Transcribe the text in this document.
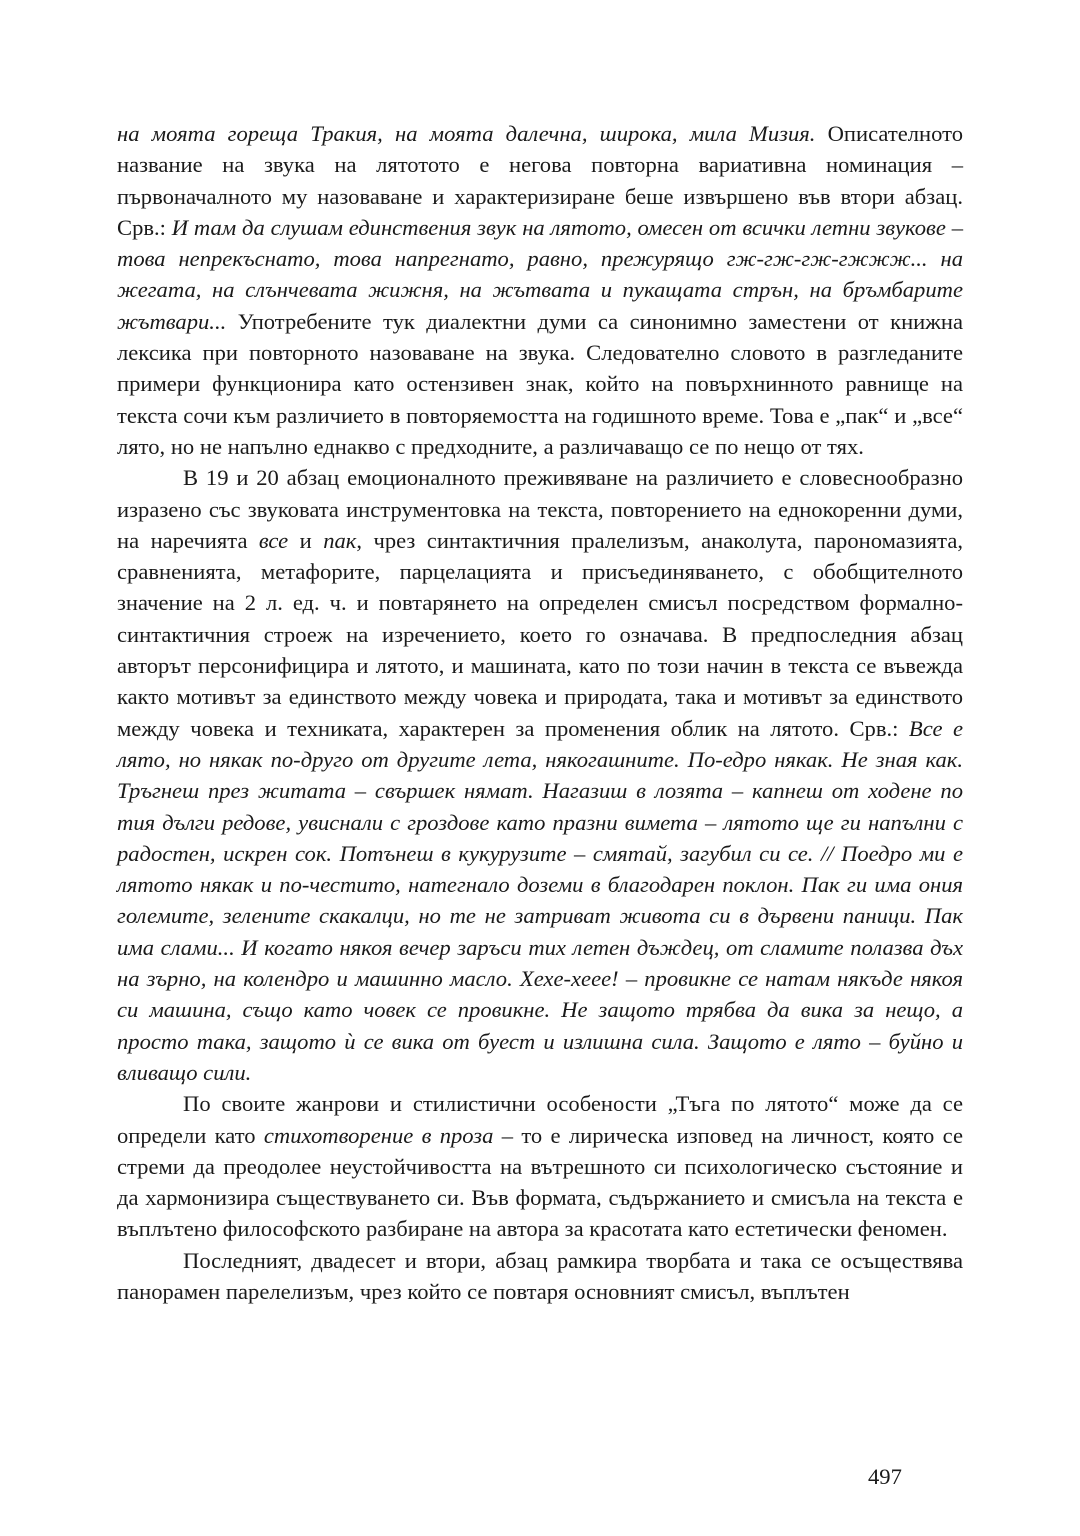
на моята гореща Тракия, на моята далечна, широка, мила Мизия. Описателното название на звука на лятотото е негова повторна вариативна номинация – първоначалното му назоваване и характеризиране беше извършено във втори абзац. Срв.: И там да слушам единствения звук на лятото, омесен от всички летни звукове – това непрекъснато, това напрегнато, равно, прежурящо гж-гж-гж-гжжж... на жегата, на слънчевата жижня, на жътвата и пукащата стрън, на бръмбарите жътвари... Употребените тук диалектни думи са синонимно заместени от книжна лексика при повторното назоваване на звука. Следователно словото в разгледаните примери функционира като остензивен знак, който на повърхнинното равнище на текста сочи към различието в повторяемостта на годишното време. Това е „пак“ и „все“ лято, но не напълно еднакво с предходните, а различаващо се по нещо от тях.

В 19 и 20 абзац емоционалното преживяване на различието е словеснообразно изразено със звуковата инструментовка на текста, повторението на еднокоренни думи, на наречията все и пак, чрез синтактичния пралелизъм, анаколута, парономазията, сравненията, метафорите, парцелацията и присъединяването, с обобщителното значение на 2 л. ед. ч. и повтарянето на определен смисъл посредством формално-синтактичния строеж на изречението, което го означава. В предпоследния абзац авторът персонифицира и лятото, и машината, като по този начин в текста се въвежда както мотивът за единството между човека и природата, така и мотивът за единството между човека и техниката, характерен за променения облик на лятото. Срв.: Все е лято, но някак по-друго от другите лета, някогашните. По-едро някак. Не зная как. Тръгнеш през житата – свършек нямат. Нагазиш в лозята – капнеш от ходене по тия дълги редове, увиснали с гроздове като празни вимета – лятото ще ги напълни с радостен, искрен сок. Потънеш в кукурузите – смятай, загубил си се. // Поедро ми е лятото някак и по-честито, натегнало доземи в благодарен поклон. Пак ги има ония големите, зелените скакалци, но те не затриват живота си в дървени паници. Пак има слами... И когато някоя вечер заръси тих летен дъждец, от сламите полазва дъх на зърно, на колендро и машинно масло. Хехе-хеее! – провикне се натам някъде някоя си машина, също като човек се провикне. Не защото трябва да вика за нещо, а просто така, защото ѝ се вика от буест и излишна сила. Защото е лято – буйно и вливащо сили.

По своите жанрови и стилистични особености „Тъга по лятото“ може да се определи като стихотворение в проза – то е лирическа изповед на личност, която се стреми да преодолее неустойчивостта на вътрешното си психологическо състояние и да хармонизира съществуването си. Във формата, съдържанието и смисъла на текста е въплътено философското разбиране на автора за красотата като естетически феномен.

Последният, двадесет и втори, абзац рамкира творбата и така се осъществява панорамен парелелизъм, чрез който се повтаря основният смисъл, въплътен

497
